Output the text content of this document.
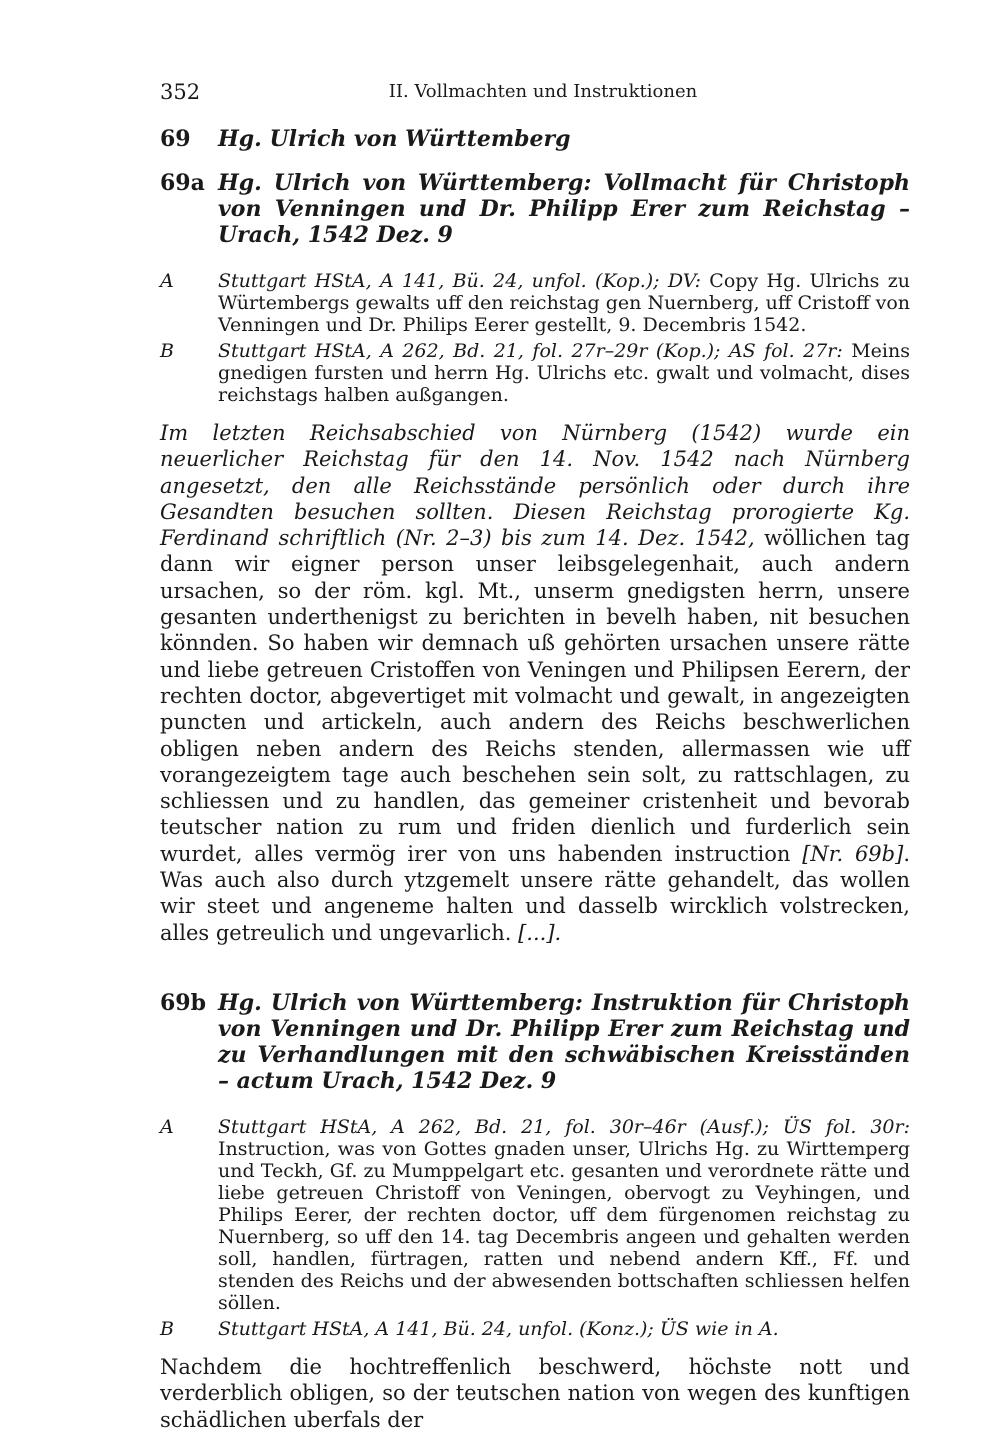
352	II. Vollmachten und Instruktionen
69	Hg. Ulrich von Württemberg
69a Hg. Ulrich von Württemberg: Vollmacht für Christoph von Venningen und Dr. Philipp Erer zum Reichstag – Urach, 1542 Dez. 9
A	Stuttgart HStA, A 141, Bü. 24, unfol. (Kop.); DV: Copy Hg. Ulrichs zu Würtembergs gewalts uff den reichstag gen Nuernberg, uff Cristoff von Venningen und Dr. Philips Eerer gestellt, 9. Decembris 1542.
B	Stuttgart HStA, A 262, Bd. 21, fol. 27r–29r (Kop.); AS fol. 27r: Meins gnedigen fursten und herrn Hg. Ulrichs etc. gwalt und volmacht, dises reichstags halben außgangen.

Im letzten Reichsabschied von Nürnberg (1542) wurde ein neuerlicher Reichstag für den 14. Nov. 1542 nach Nürnberg angesetzt, den alle Reichsstände persönlich oder durch ihre Gesandten besuchen sollten. Diesen Reichstag prorogierte Kg. Ferdinand schriftlich (Nr. 2–3) bis zum 14. Dez. 1542, wöllichen tag dann wir eigner person unser leibsgelegenhait, auch andern ursachen, so der röm. kgl. Mt., unserm gnedigsten herrn, unsere gesanten underthenigst zu berichten in bevelh haben, nit besuchen könnden. So haben wir demnach uß gehörten ursachen unsere rätte und liebe getreuen Cristoffen von Veningen und Philipsen Eerern, der rechten doctor, abgevertiget mit volmacht und gewalt, in angezeigten puncten und artickeln, auch andern des Reichs beschwerlichen obligen neben andern des Reichs stenden, allermassen wie uff vorangezeigtem tage auch beschehen sein solt, zu rattschlagen, zu schliessen und zu handlen, das gemeiner cristenheit und bevorab teutscher nation zu rum und friden dienlich und furderlich sein wurdet, alles vermög irer von uns habenden instruction [Nr. 69b]. Was auch also durch ytzgemelt unsere rätte gehandelt, das wollen wir steet und angeneme halten und dasselb wircklich volstrecken, alles getreulich und ungevarlich. [...].

69b Hg. Ulrich von Württemberg: Instruktion für Christoph von Venningen und Dr. Philipp Erer zum Reichstag und zu Verhandlungen mit den schwäbischen Kreisständen – actum Urach, 1542 Dez. 9
A	Stuttgart HStA, A 262, Bd. 21, fol. 30r–46r (Ausf.); ÜS fol. 30r: Instruction, was von Gottes gnaden unser, Ulrichs Hg. zu Wirttemperg und Teckh, Gf. zu Mumppelgart etc. gesanten und verordnete rätte und liebe getreuen Christoff von Veningen, obervogt zu Veyhingen, und Philips Eerer, der rechten doctor, uff dem fürgenomen reichstag zu Nuernberg, so uff den 14. tag Decembris angeen und gehalten werden soll, handlen, fürtragen, ratten und nebend andern Kff., Ff. und stenden des Reichs und der abwesenden bottschaften schliessen helfen söllen.
B	Stuttgart HStA, A 141, Bü. 24, unfol. (Konz.); ÜS wie in A.

Nachdem die hochtreffenlich beschwerd, höchste nott und verderblich obligen, so der teutschen nation von wegen des kunftigen schädlichen uberfals der
